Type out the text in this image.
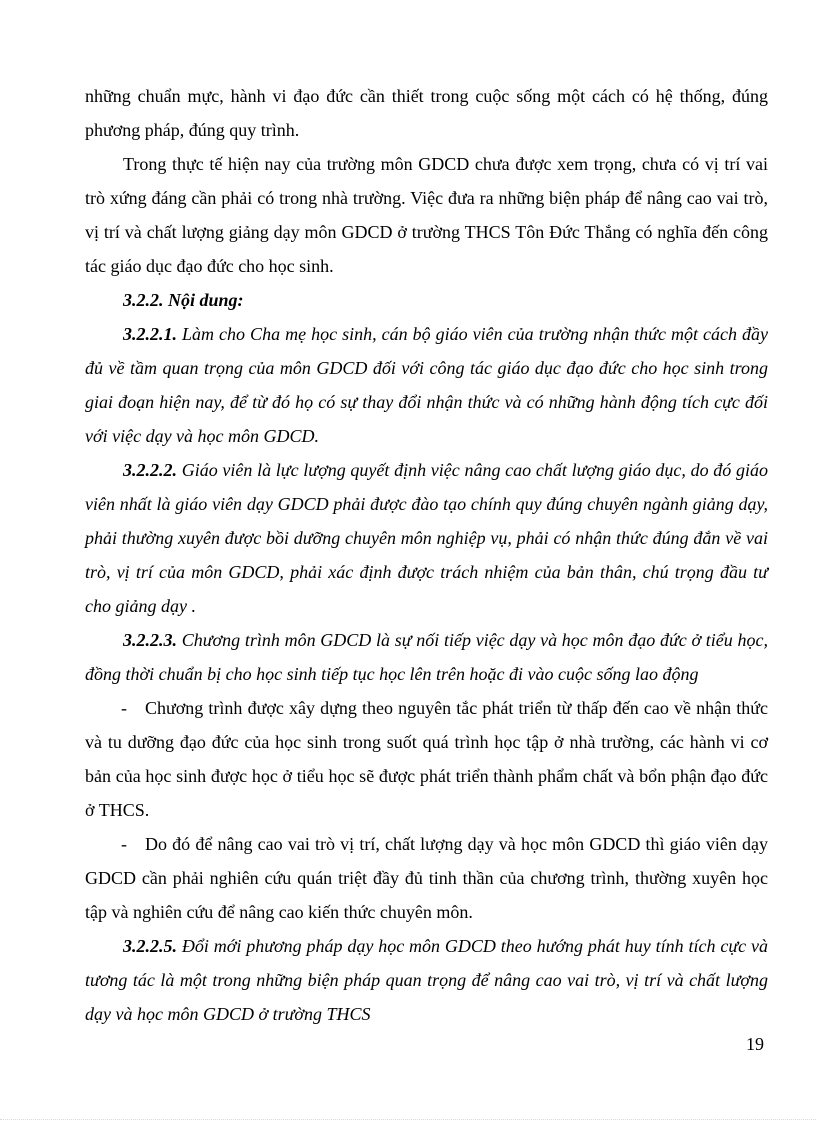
những chuẩn mực, hành vi đạo đức cần thiết trong cuộc sống một cách có hệ thống, đúng phương pháp, đúng quy trình.

Trong thực tế hiện nay của trường môn GDCD chưa được xem trọng, chưa có vị trí vai trò xứng đáng cần phải có trong nhà trường. Việc đưa ra những biện pháp để nâng cao vai trò, vị trí và chất lượng giảng dạy môn GDCD ở trường THCS Tôn Đức Thắng có nghĩa đến công tác giáo dục đạo đức cho học sinh.

3.2.2. Nội dung:

3.2.2.1. Làm cho Cha mẹ học sinh, cán bộ giáo viên của trường nhận thức một cách đầy đủ về tầm quan trọng của môn GDCD đối với công tác giáo dục đạo đức cho học sinh trong giai đoạn hiện nay, để từ đó họ có sự thay đổi nhận thức và có những hành động tích cực đối với việc dạy và học môn GDCD.

3.2.2.2. Giáo viên là lực lượng quyết định việc nâng cao chất lượng giáo dục, do đó giáo viên nhất là giáo viên dạy GDCD phải được đào tạo chính quy đúng chuyên ngành giảng dạy, phải thường xuyên được bồi dưỡng chuyên môn nghiệp vụ, phải có nhận thức đúng đắn về vai trò, vị trí của môn GDCD, phải xác định được trách nhiệm của bản thân, chú trọng đầu tư cho giảng dạy .

3.2.2.3. Chương trình môn GDCD là sự nối tiếp việc dạy và học môn đạo đức ở tiểu học, đồng thời chuẩn bị cho học sinh tiếp tục học lên trên hoặc đi vào cuộc sống lao động

- Chương trình được xây dựng theo nguyên tắc phát triển từ thấp đến cao về nhận thức và tu dưỡng đạo đức của học sinh trong suốt quá trình học tập ở nhà trường, các hành vi cơ bản của học sinh được học ở tiểu học sẽ được phát triển thành phẩm chất và bổn phận đạo đức ở THCS.

- Do đó để nâng cao vai trò vị trí, chất lượng dạy và học môn GDCD thì giáo viên dạy GDCD cần phải nghiên cứu quán triệt đầy đủ tinh thần của chương trình, thường xuyên học tập và nghiên cứu để nâng cao kiến thức chuyên môn.

3.2.2.5. Đổi mới phương pháp dạy học môn GDCD theo hướng phát huy tính tích cực và tương tác là một trong những biện pháp quan trọng để nâng cao vai trò, vị trí và chất lượng dạy và học môn GDCD ở trường THCS

19
